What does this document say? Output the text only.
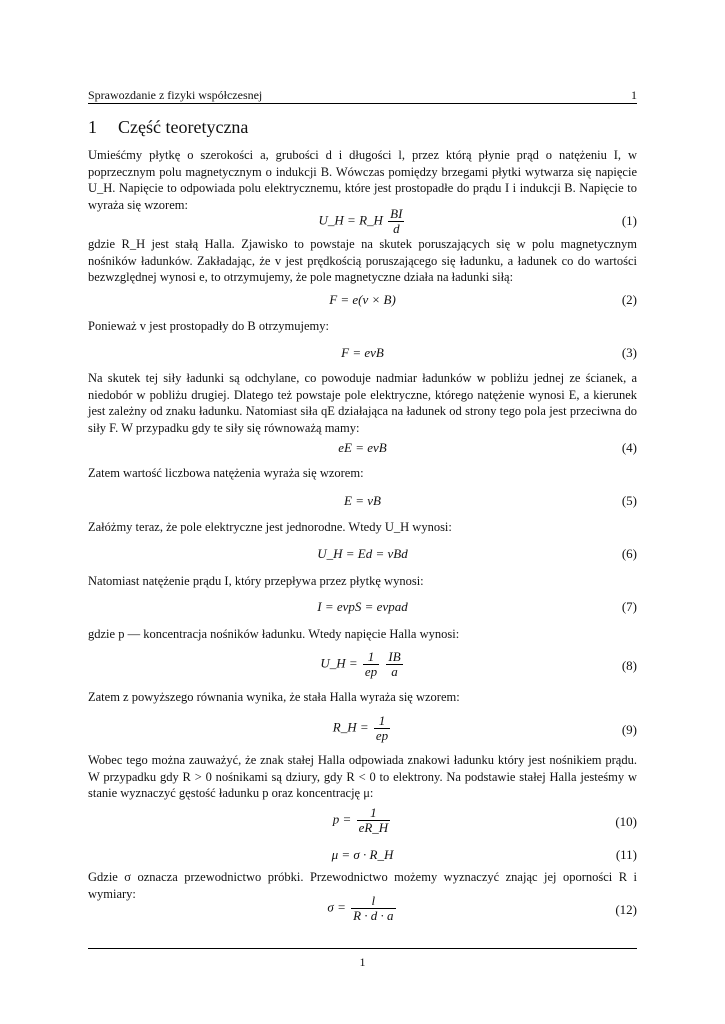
Sprawozdanie z fizyki współczesnej	1
1 Część teoretyczna
Umieśćmy płytkę o szerokości a, grubości d i długości l, przez którą płynie prąd o natężeniu I, w poprzecznym polu magnetycznym o indukcji B. Wówczas pomiędzy brzegami płytki wytwarza się napięcie U_H. Napięcie to odpowiada polu elektrycznemu, które jest prostopadłe do prądu I i indukcji B. Napięcie to wyraża się wzorem:
U_H = R_H $\frac{BI}{d}$	(1)
gdzie R_H jest stałą Halla. Zjawisko to powstaje na skutek poruszających się w polu magnetycznym nośników ładunków. Zakładając, że v jest prędkością poruszającego się ładunku, a ładunek co do wartości bezwzględnej wynosi e, to otrzymujemy, że pole magnetyczne działa na ładunki siłą:
F = e(v × B)	(2)
Ponieważ v jest prostopadły do B otrzymujemy:
F = evB	(3)
Na skutek tej siły ładunki są odchylane, co powoduje nadmiar ładunków w pobliżu jednej ze ścianek, a niedobór w pobliżu drugiej. Dlatego też powstaje pole elektryczne, którego natężenie wynosi E, a kierunek jest zależny od znaku ładunku. Natomiast siła qE działająca na ładunek od strony tego pola jest przeciwna do siły F. W przypadku gdy te siły się równoważą mamy:
eE = evB	(4)
Zatem wartość liczbowa natężenia wyraża się wzorem:
E = vB	(5)
Załóżmy teraz, że pole elektryczne jest jednorodne. Wtedy U_H wynosi:
U_H = Ed = vBd	(6)
Natomiast natężenie prądu I, który przepływa przez płytkę wynosi:
I = evpS = evpad	(7)
gdzie p — koncentracja nośników ładunku. Wtedy napięcie Halla wynosi:
U_H = $\frac{1}{ep}$
$\frac{IB}{a}$	(8)
Zatem z powyższego równania wynika, że stała Halla wyraża się wzorem:
R_H = $\frac{1}{ep}$	(9)
Wobec tego można zauważyć, że znak stałej Halla odpowiada znakowi ładunku który jest nośnikiem prądu. W przypadku gdy R > 0 nośnikami są dziury, gdy R < 0 to elektrony. Na podstawie stałej Halla jesteśmy w stanie wyznaczyć gęstość ładunku p oraz koncentrację μ:
$p = \frac{1}{eR\_H}$	(10)
μ = σ · R_H	(11)
Gdzie σ oznacza przewodnictwo próbki. Przewodnictwo możemy wyznaczyć znając jej oporności R i wymiary:
$\sigma = \frac{l}{R \cdot d \cdot a}$	(12)
1
